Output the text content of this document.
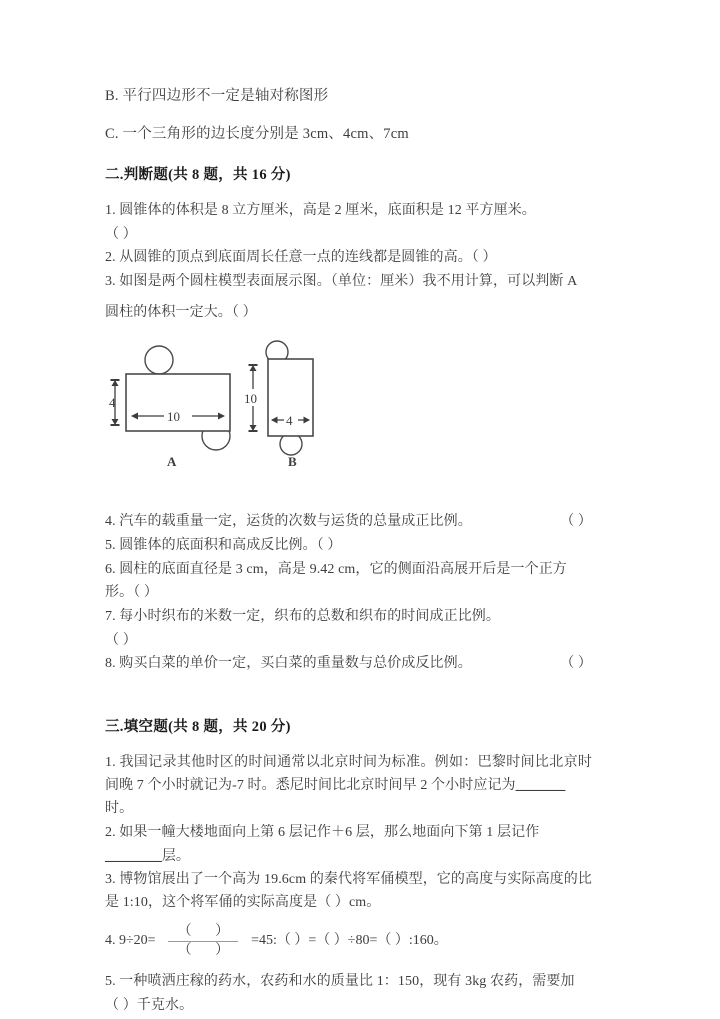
B. 平行四边形不一定是轴对称图形

C. 一个三角形的边长度分别是 3cm、4cm、7cm

二.判断题(共 8 题，共 16 分)

1. 圆锥体的体积是 8 立方厘米，高是 2 厘米，底面积是 12 平方厘米。

（ ）

2. 从圆锥的顶点到底面周长任意一点的连线都是圆锥的高。（ ）

3. 如图是两个圆柱模型表面展示图。（单位：厘米）我不用计算，可以判断 A

圆柱的体积一定大。（ ）

4
10
A
10
4
B

（ ）
4. 汽车的载重量一定，运货的次数与运货的总量成正比例。

5. 圆锥体的底面积和高成反比例。（ ）

6. 圆柱的底面直径是 3 cm，高是 9.42 cm，它的侧面沿高展开后是一个正方

形。（ ）

7. 每小时织布的米数一定，织布的总数和织布的时间成正比例。

（ ）

（ ）
8. 购买白菜的单价一定，买白菜的重量数与总价成反比例。

三.填空题(共 8 题，共 20 分)

1. 我国记录其他时区的时间通常以北京时间为标准。例如：巴黎时间比北京时间晚 7 个小时就记为-7 时。悉尼时间比北京时间早 2 个小时应记为_______

时。

2. 如果一幢大楼地面向上第 6 层记作＋6 层，那么地面向下第 1 层记作

________层。

3. 博物馆展出了一个高为 19.6cm 的秦代将军俑模型，它的高度与实际高度的比是 1:10，这个将军俑的实际高度是（ ）cm。

4. $9\div 20= \frac{( )}{( )}$ =45:（ ）=（ ）÷80=（ ）:160。

5. 一种喷洒庄稼的药水，农药和水的质量比 1：150，现有 3kg 农药，需要加

（ ）千克水。
